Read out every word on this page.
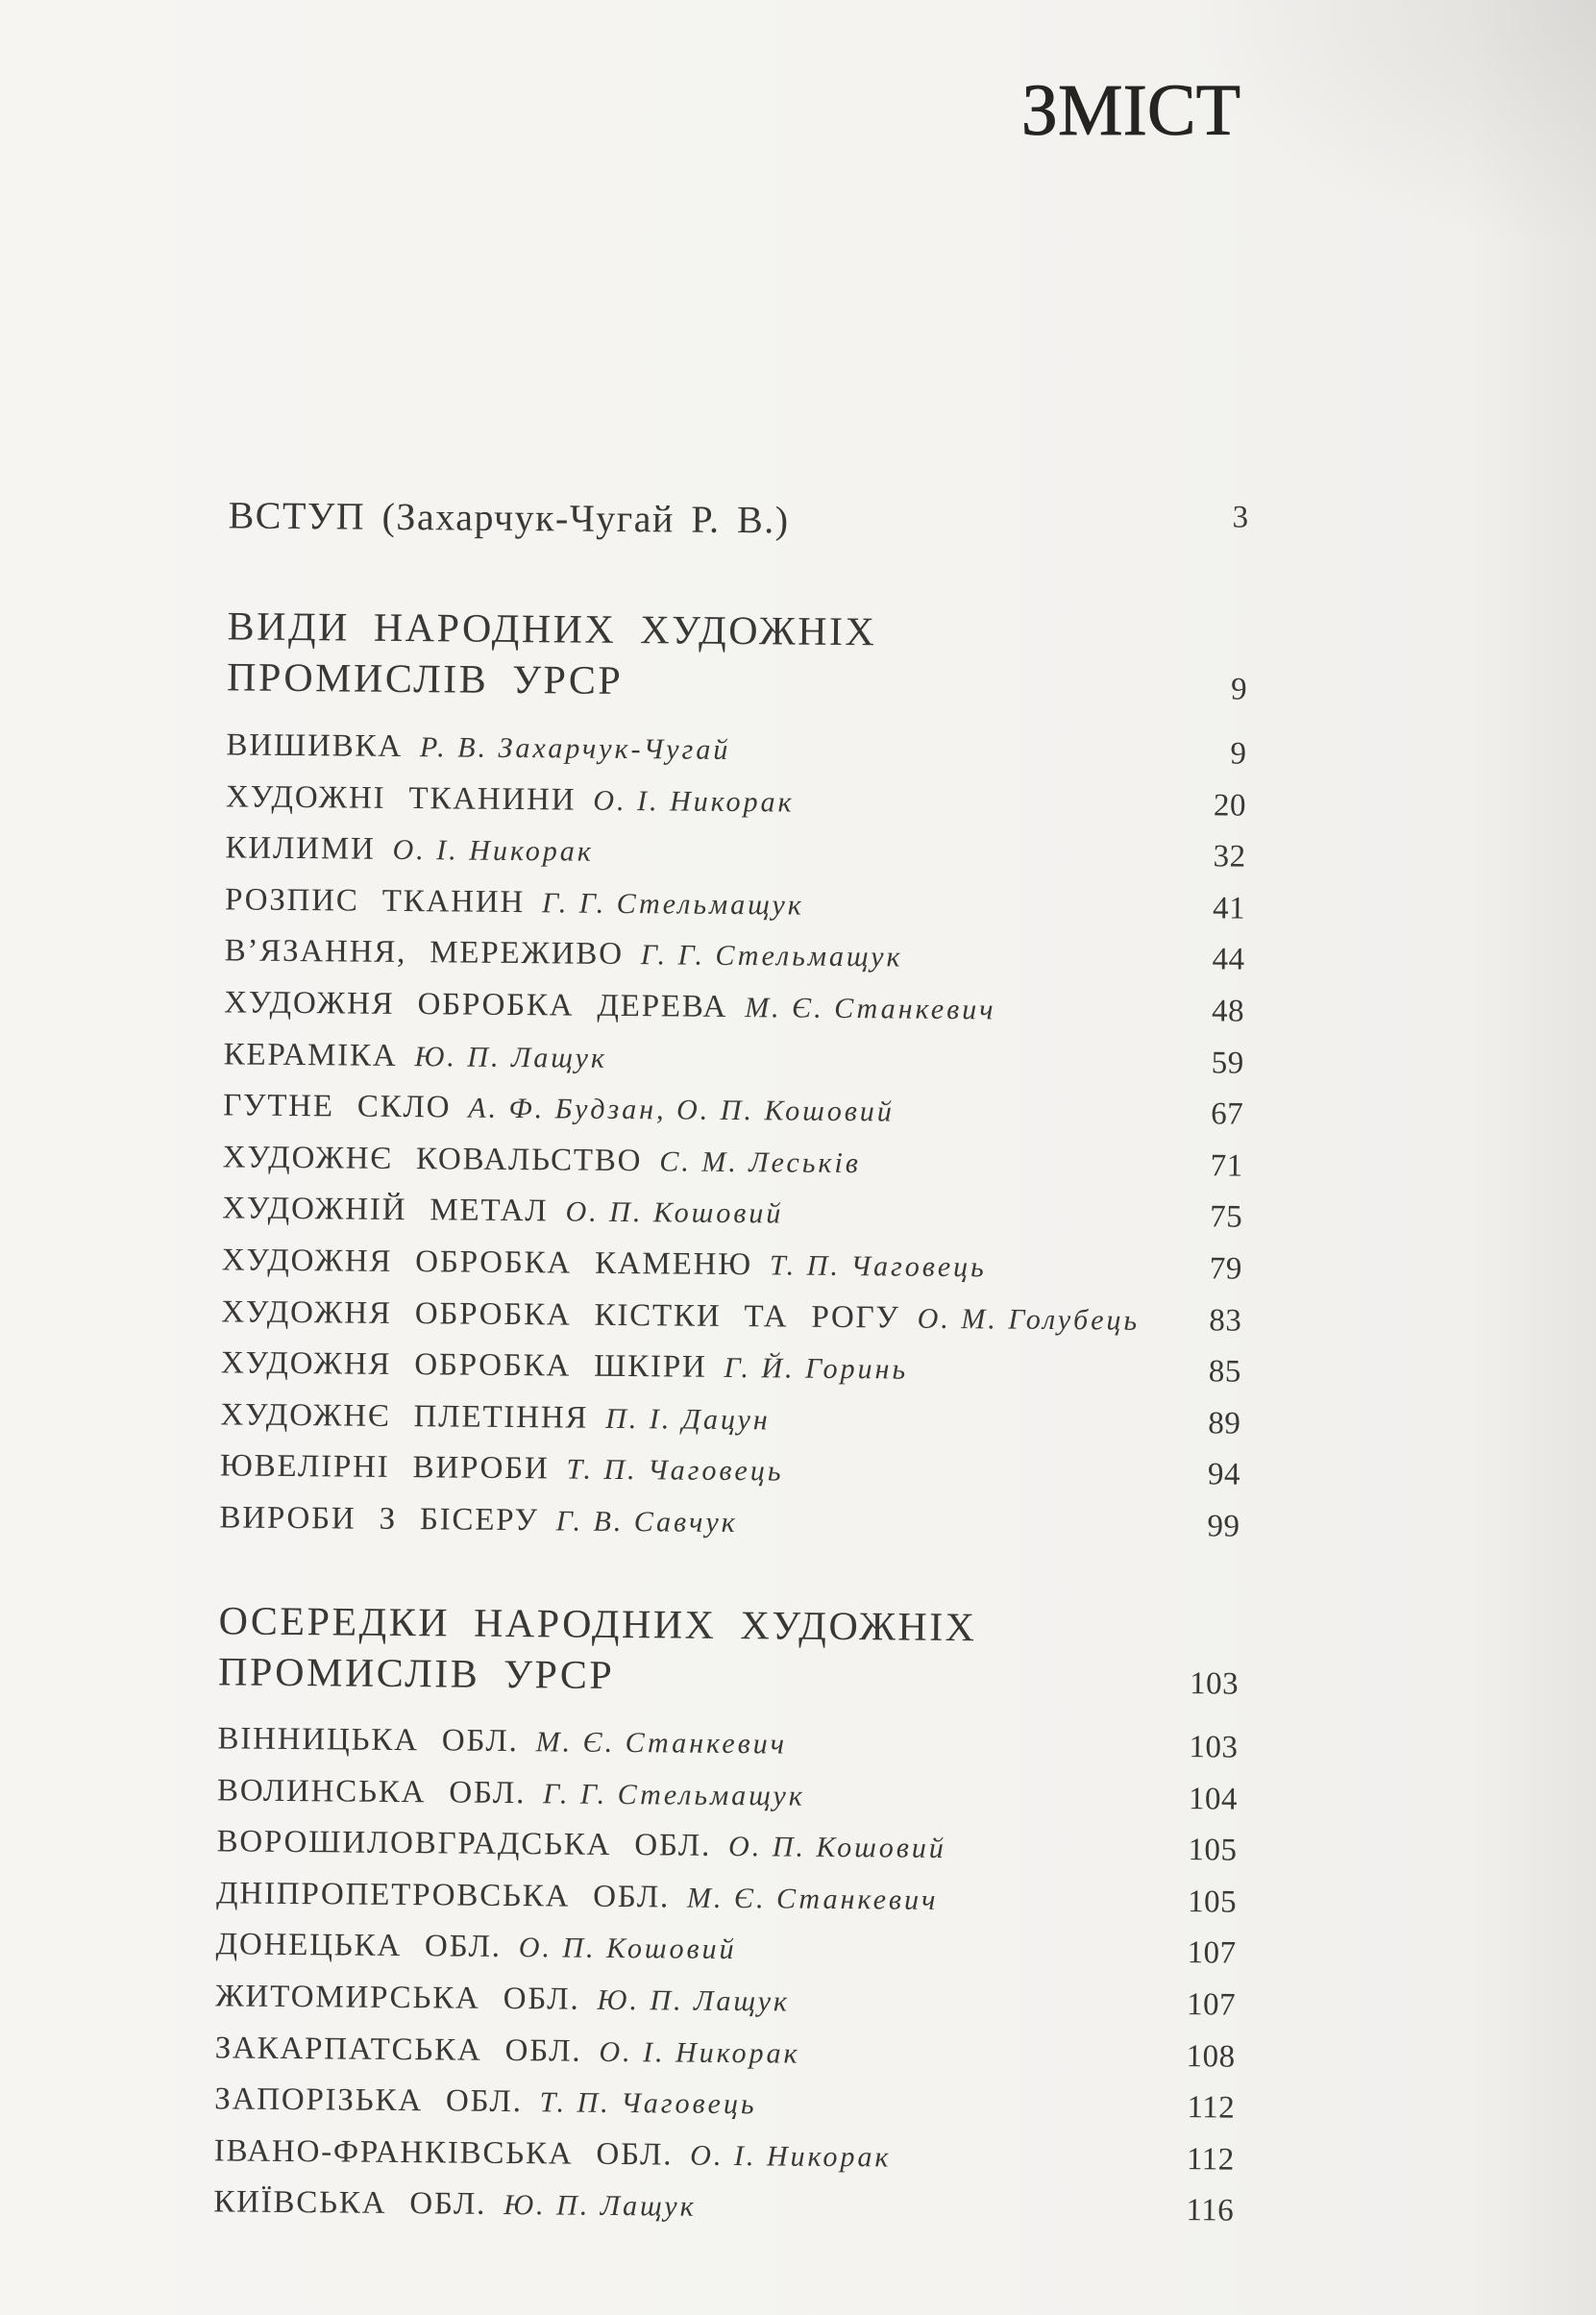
ЗМІСТ
ВСТУП (Захарчук-Чугай Р. В.)	3
ВИДИ НАРОДНИХ ХУДОЖНІХ
ПРОМИСЛІВ УРСР	9
ВИШИВКА Р. В. Захарчук-Чугай	9
ХУДОЖНІ ТКАНИНИ О. І. Никорак	20
КИЛИМИ О. І. Никорак	32
РОЗПИС ТКАНИН Г. Г. Стельмащук	41
В’ЯЗАННЯ, МЕРЕЖИВО Г. Г. Стельмащук	44
ХУДОЖНЯ ОБРОБКА ДЕРЕВА М. Є. Станкевич	48
КЕРАМІКА Ю. П. Лащук	59
ГУТНЕ СКЛО А. Ф. Будзан, О. П. Кошовий	67
ХУДОЖНЄ КОВАЛЬСТВО С. М. Леськів	71
ХУДОЖНІЙ МЕТАЛ О. П. Кошовий	75
ХУДОЖНЯ ОБРОБКА КАМЕНЮ Т. П. Чаговець	79
ХУДОЖНЯ ОБРОБКА КІСТКИ ТА РОГУ О. М. Голубець 83
ХУДОЖНЯ ОБРОБКА ШКІРИ Г. Й. Горинь	85
ХУДОЖНЄ ПЛЕТІННЯ П. І. Дацун	89
ЮВЕЛІРНІ ВИРОБИ Т. П. Чаговець	94
ВИРОБИ З БІСЕРУ Г. В. Савчук	99
ОСЕРЕДКИ НАРОДНИХ ХУДОЖНІХ
ПРОМИСЛІВ УРСР	103
ВІННИЦЬКА ОБЛ. М. Є. Станкевич	103
ВОЛИНСЬКА ОБЛ. Г. Г. Стельмащук	104
ВОРОШИЛОВГРАДСЬКА ОБЛ. О. П. Кошовий	105
ДНІПРОПЕТРОВСЬКА ОБЛ. М. Є. Станкевич	105
ДОНЕЦЬКА ОБЛ. О. П. Кошовий	107
ЖИТОМИРСЬКА ОБЛ. Ю. П. Лащук	107
ЗАКАРПАТСЬКА ОБЛ. О. І. Никорак	108
ЗАПОРІЗЬКА ОБЛ. Т. П. Чаговець	112
ІВАНО-ФРАНКІВСЬКА ОБЛ. О. І. Никорак	112
КИЇВСЬКА ОБЛ. Ю. П. Лащук	116
